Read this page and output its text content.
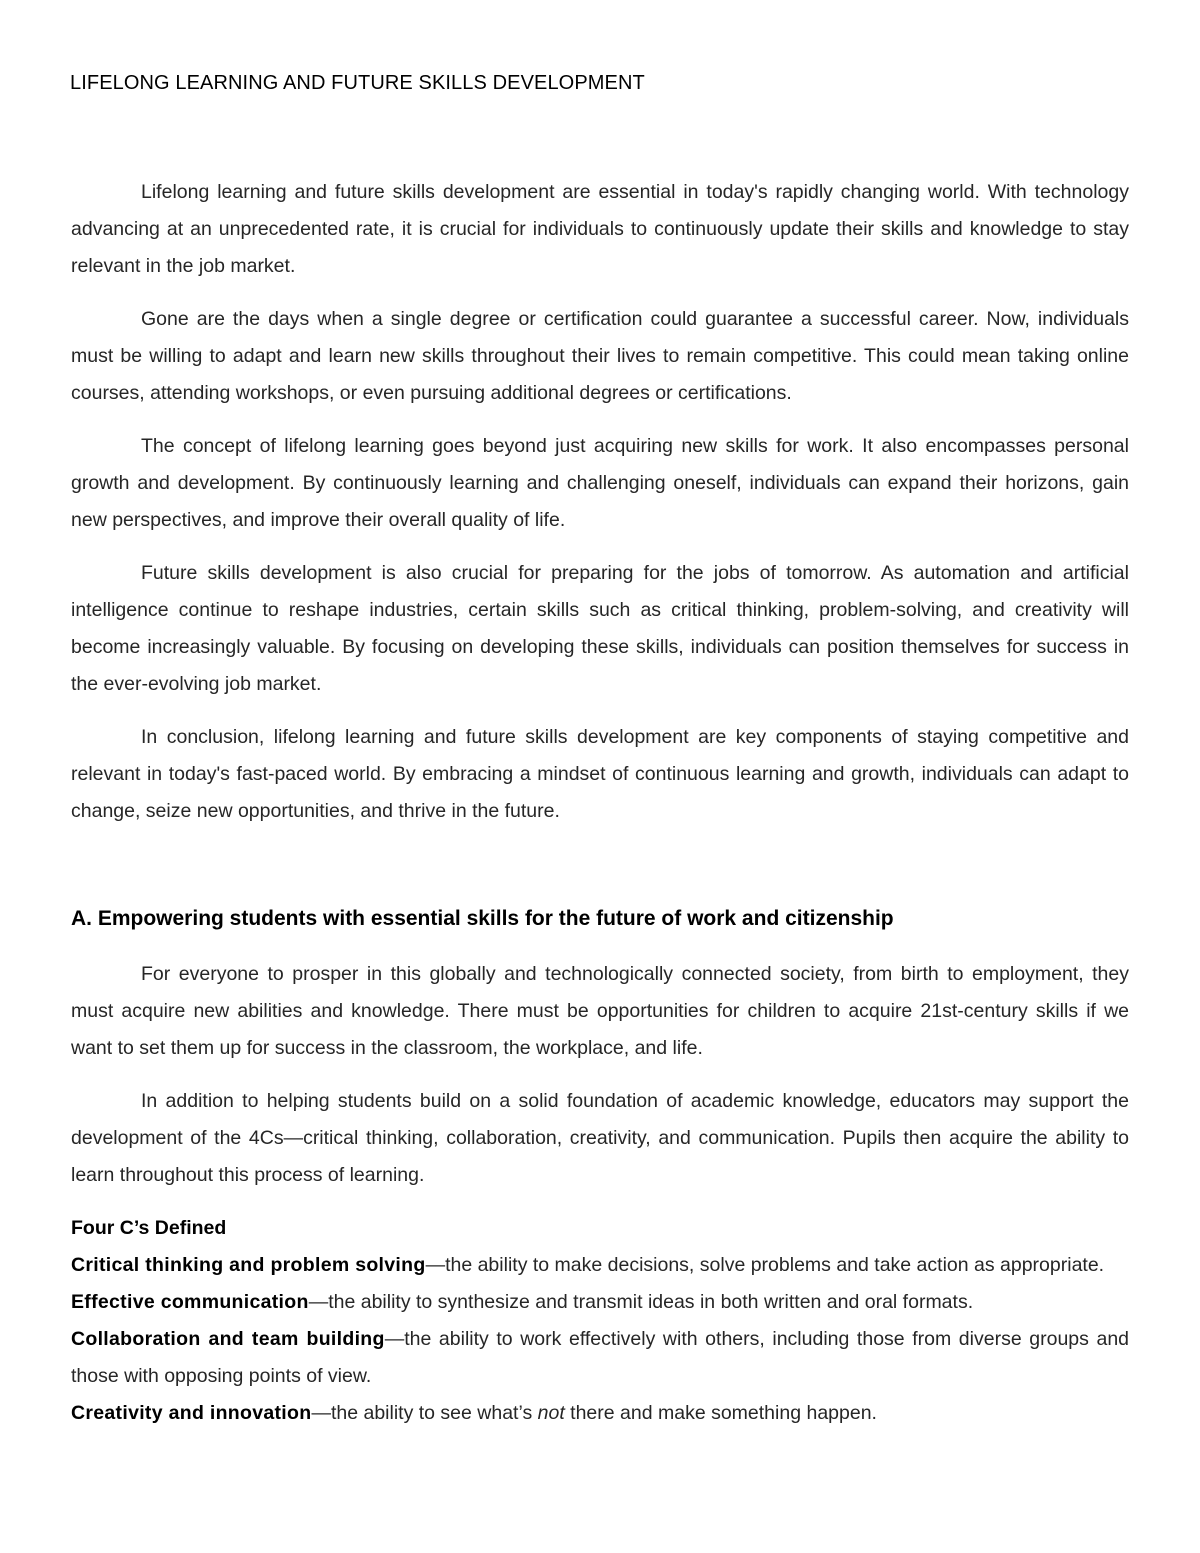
LIFELONG LEARNING AND FUTURE SKILLS DEVELOPMENT

Lifelong learning and future skills development are essential in today's rapidly changing world. With technology advancing at an unprecedented rate, it is crucial for individuals to continuously update their skills and knowledge to stay relevant in the job market.

Gone are the days when a single degree or certification could guarantee a successful career. Now, individuals must be willing to adapt and learn new skills throughout their lives to remain competitive. This could mean taking online courses, attending workshops, or even pursuing additional degrees or certifications.

The concept of lifelong learning goes beyond just acquiring new skills for work. It also encompasses personal growth and development. By continuously learning and challenging oneself, individuals can expand their horizons, gain new perspectives, and improve their overall quality of life.

Future skills development is also crucial for preparing for the jobs of tomorrow. As automation and artificial intelligence continue to reshape industries, certain skills such as critical thinking, problem-solving, and creativity will become increasingly valuable. By focusing on developing these skills, individuals can position themselves for success in the ever-evolving job market.

In conclusion, lifelong learning and future skills development are key components of staying competitive and relevant in today's fast-paced world. By embracing a mindset of continuous learning and growth, individuals can adapt to change, seize new opportunities, and thrive in the future.

A. Empowering students with essential skills for the future of work and citizenship

For everyone to prosper in this globally and technologically connected society, from birth to employment, they must acquire new abilities and knowledge. There must be opportunities for children to acquire 21st-century skills if we want to set them up for success in the classroom, the workplace, and life.

In addition to helping students build on a solid foundation of academic knowledge, educators may support the development of the 4Cs—critical thinking, collaboration, creativity, and communication. Pupils then acquire the ability to learn throughout this process of learning.

Four C’s Defined

Critical thinking and problem solving—the ability to make decisions, solve problems and take action as appropriate.

Effective communication—the ability to synthesize and transmit ideas in both written and oral formats.

Collaboration and team building—the ability to work effectively with others, including those from diverse groups and those with opposing points of view.

Creativity and innovation—the ability to see what’s not there and make something happen.
